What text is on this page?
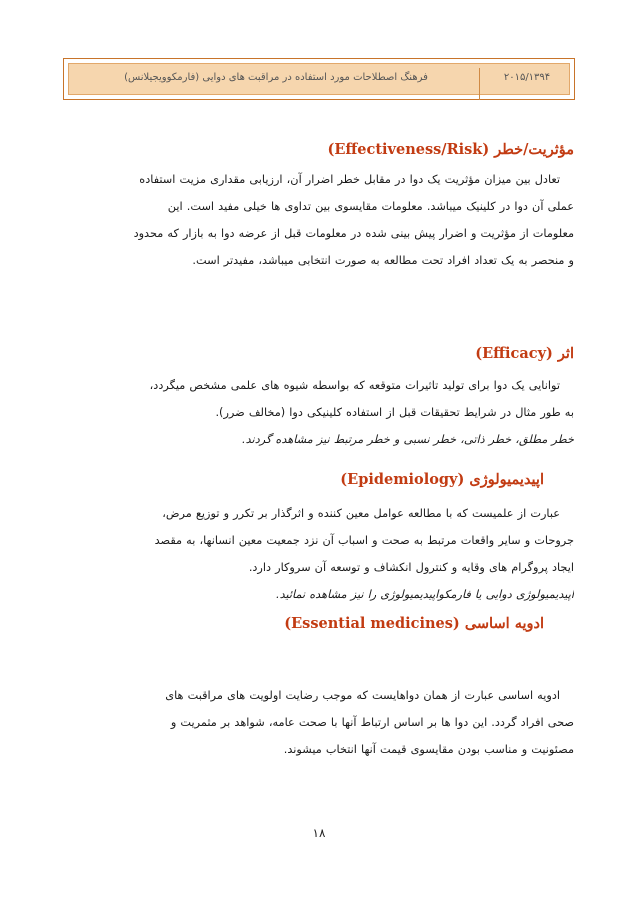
فرهنگ اصطلاحات مورد استفاده در مراقبت های دوایی (فارمکوویجیلانس)	۲۰۱۵/۱۳۹۴
مؤثریت/خطر (Effectiveness/Risk)
تعادل بین میزان مؤثریت یک دوا در مقابل خطر اضرار آن، ارزیابی مقداری مزیت استفاده
عملی آن دوا در کلینیک میباشد. معلومات مقایسوی بین تداوی ها خیلی مفید است. این
معلومات از مؤثریت و اضرار پیش بینی شده در معلومات قبل از عرضه دوا به بازار که محدود
و منحصر به یک تعداد افراد تحت مطالعه به صورت انتخابی میباشد، مفیدتر است.
اثر (Efficacy)
توانایی یک دوا برای تولید تاثیرات متوقعه که بواسطه شیوه های علمی مشخص میگردد،
به طور مثال در شرایط تحقیقات قبل از استفاده کلینیکی دوا (مخالف ضرر).
خطر مطلق، خطر ذاتی، خطر نسبی و خطر مرتبط نیز مشاهده گردند.
اپیدیمیولوژی (Epidemiology)
عبارت از علمیست که با مطالعه عوامل معین کننده و اثرگذار بر تکرر و توزیع مرض،
جروحات و سایر واقعات مرتبط به صحت و اسباب آن نزد جمعیت معین انسانها، به مقصد
ایجاد پروگرام های وقایه و کنترول انکشاف و توسعه آن سروکار دارد.
اپیدیمیولوژی دوایی یا فارمکواپیدیمیولوژی را نیز مشاهده نمائید.
ادویه اساسی (Essential medicines)
ادویه اساسی عبارت از همان دواهایست که موجب رضایت اولویت های مراقبت های
صحی افراد گردد. این دوا ها بر اساس ارتباط آنها با صحت عامه، شواهد بر مثمریت و
مصئونیت و مناسب بودن مقایسوی قیمت آنها انتخاب میشوند.
۱۸
